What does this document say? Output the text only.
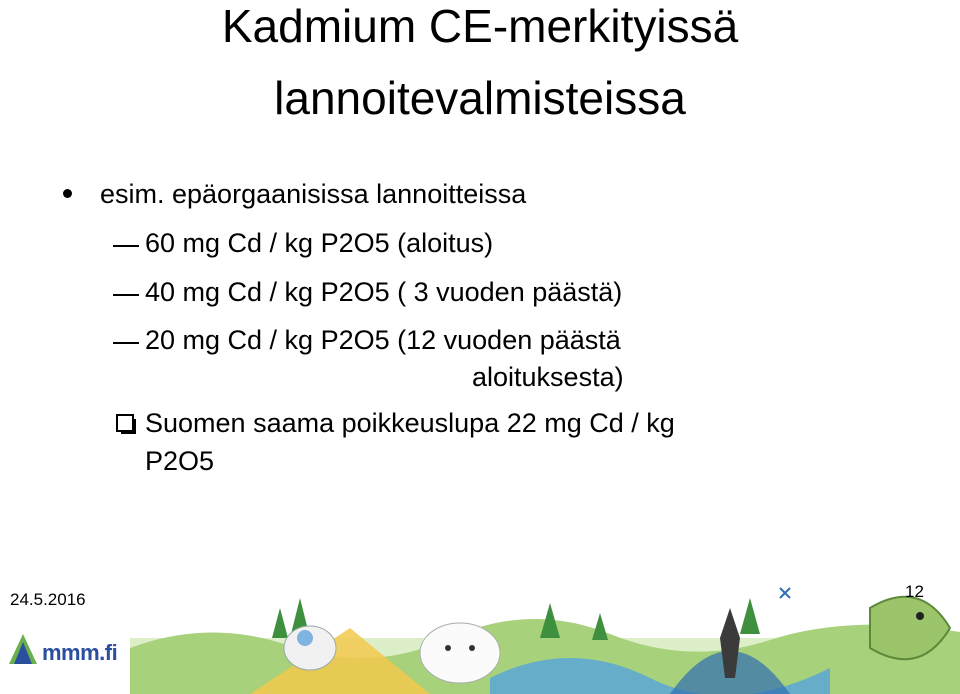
Kadmium CE-merkityissä
lannoitevalmisteissa
esim. epäorgaanisissa lannoitteissa
60 mg Cd / kg P2O5 (aloitus)
40 mg Cd / kg P2O5 ( 3 vuoden päästä)
20 mg Cd / kg P2O5 (12 vuoden päästä
aloituksesta)
Suomen saama poikkeuslupa 22 mg Cd / kg
P2O5
24.5.2016	12
mmm.fi
